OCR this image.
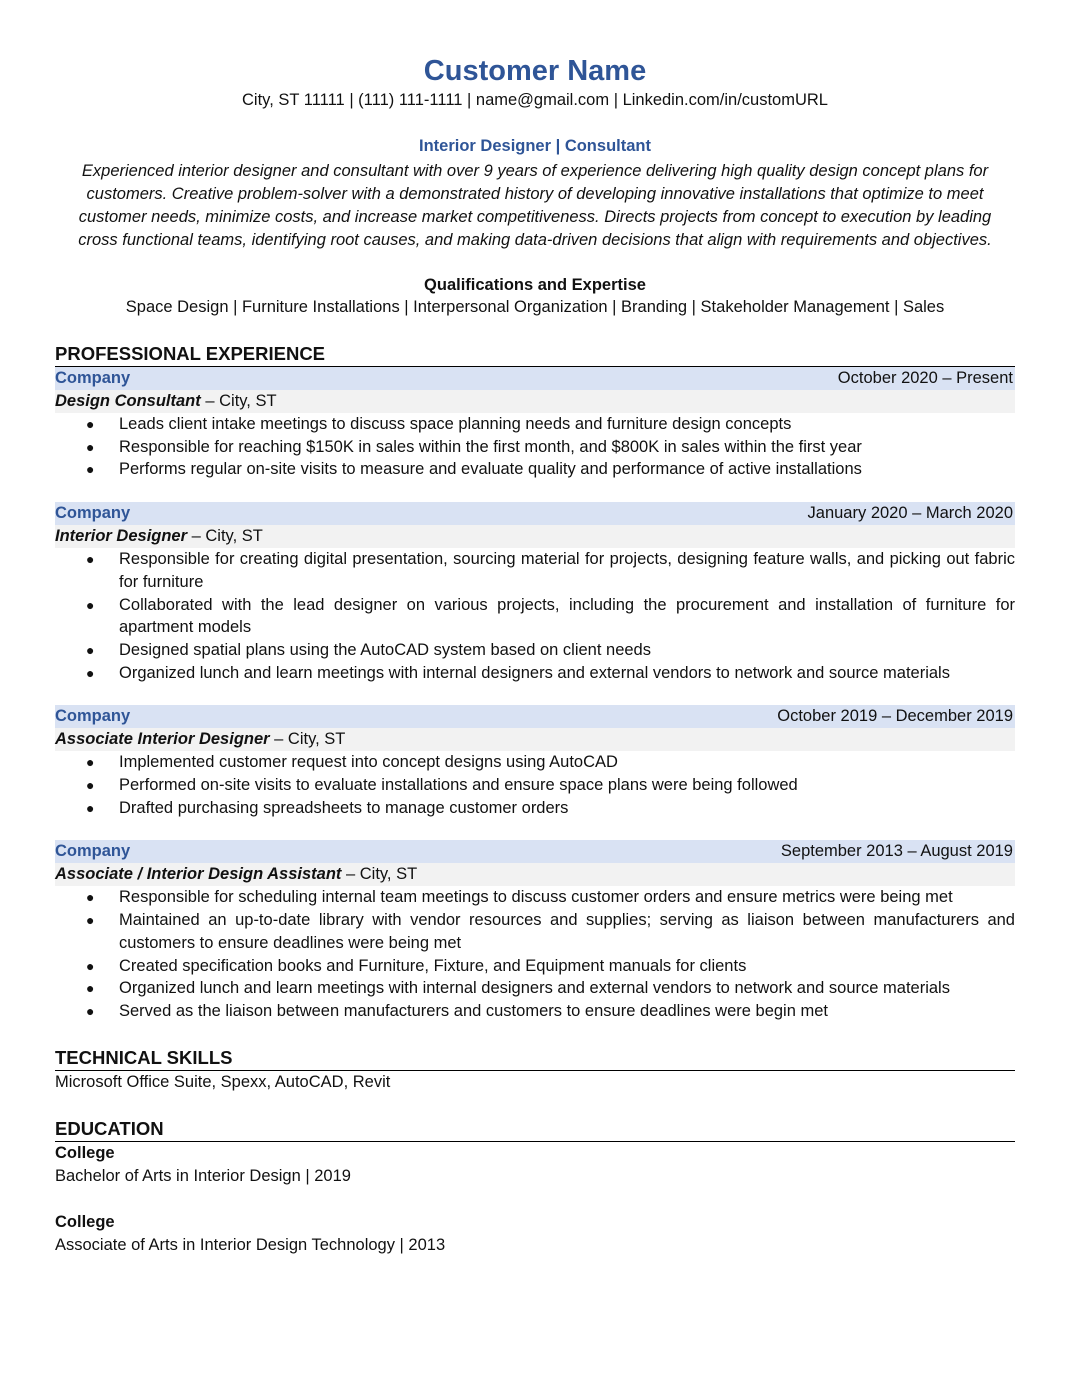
Customer Name
City, ST 11111 | (111) 111-1111 | name@gmail.com | Linkedin.com/in/customURL
Interior Designer | Consultant
Experienced interior designer and consultant with over 9 years of experience delivering high quality design concept plans for customers. Creative problem-solver with a demonstrated history of developing innovative installations that optimize to meet customer needs, minimize costs, and increase market competitiveness. Directs projects from concept to execution by leading cross functional teams, identifying root causes, and making data-driven decisions that align with requirements and objectives.
Qualifications and Expertise
Space Design | Furniture Installations | Interpersonal Organization | Branding | Stakeholder Management | Sales
PROFESSIONAL EXPERIENCE
Company	October 2020 – Present
Design Consultant – City, ST
● Leads client intake meetings to discuss space planning needs and furniture design concepts
● Responsible for reaching $150K in sales within the first month, and $800K in sales within the first year
● Performs regular on-site visits to measure and evaluate quality and performance of active installations
Company	January 2020 – March 2020
Interior Designer – City, ST
● Responsible for creating digital presentation, sourcing material for projects, designing feature walls, and picking out fabric for furniture
● Collaborated with the lead designer on various projects, including the procurement and installation of furniture for apartment models
● Designed spatial plans using the AutoCAD system based on client needs
● Organized lunch and learn meetings with internal designers and external vendors to network and source materials
Company	October 2019 – December 2019
Associate Interior Designer – City, ST
● Implemented customer request into concept designs using AutoCAD
● Performed on-site visits to evaluate installations and ensure space plans were being followed
● Drafted purchasing spreadsheets to manage customer orders
Company	September 2013 – August 2019
Associate / Interior Design Assistant – City, ST
● Responsible for scheduling internal team meetings to discuss customer orders and ensure metrics were being met
● Maintained an up-to-date library with vendor resources and supplies; serving as liaison between manufacturers and customers to ensure deadlines were being met
● Created specification books and Furniture, Fixture, and Equipment manuals for clients
● Organized lunch and learn meetings with internal designers and external vendors to network and source materials
● Served as the liaison between manufacturers and customers to ensure deadlines were begin met
TECHNICAL SKILLS
Microsoft Office Suite, Spexx, AutoCAD, Revit
EDUCATION
College
Bachelor of Arts in Interior Design | 2019
College
Associate of Arts in Interior Design Technology | 2013
